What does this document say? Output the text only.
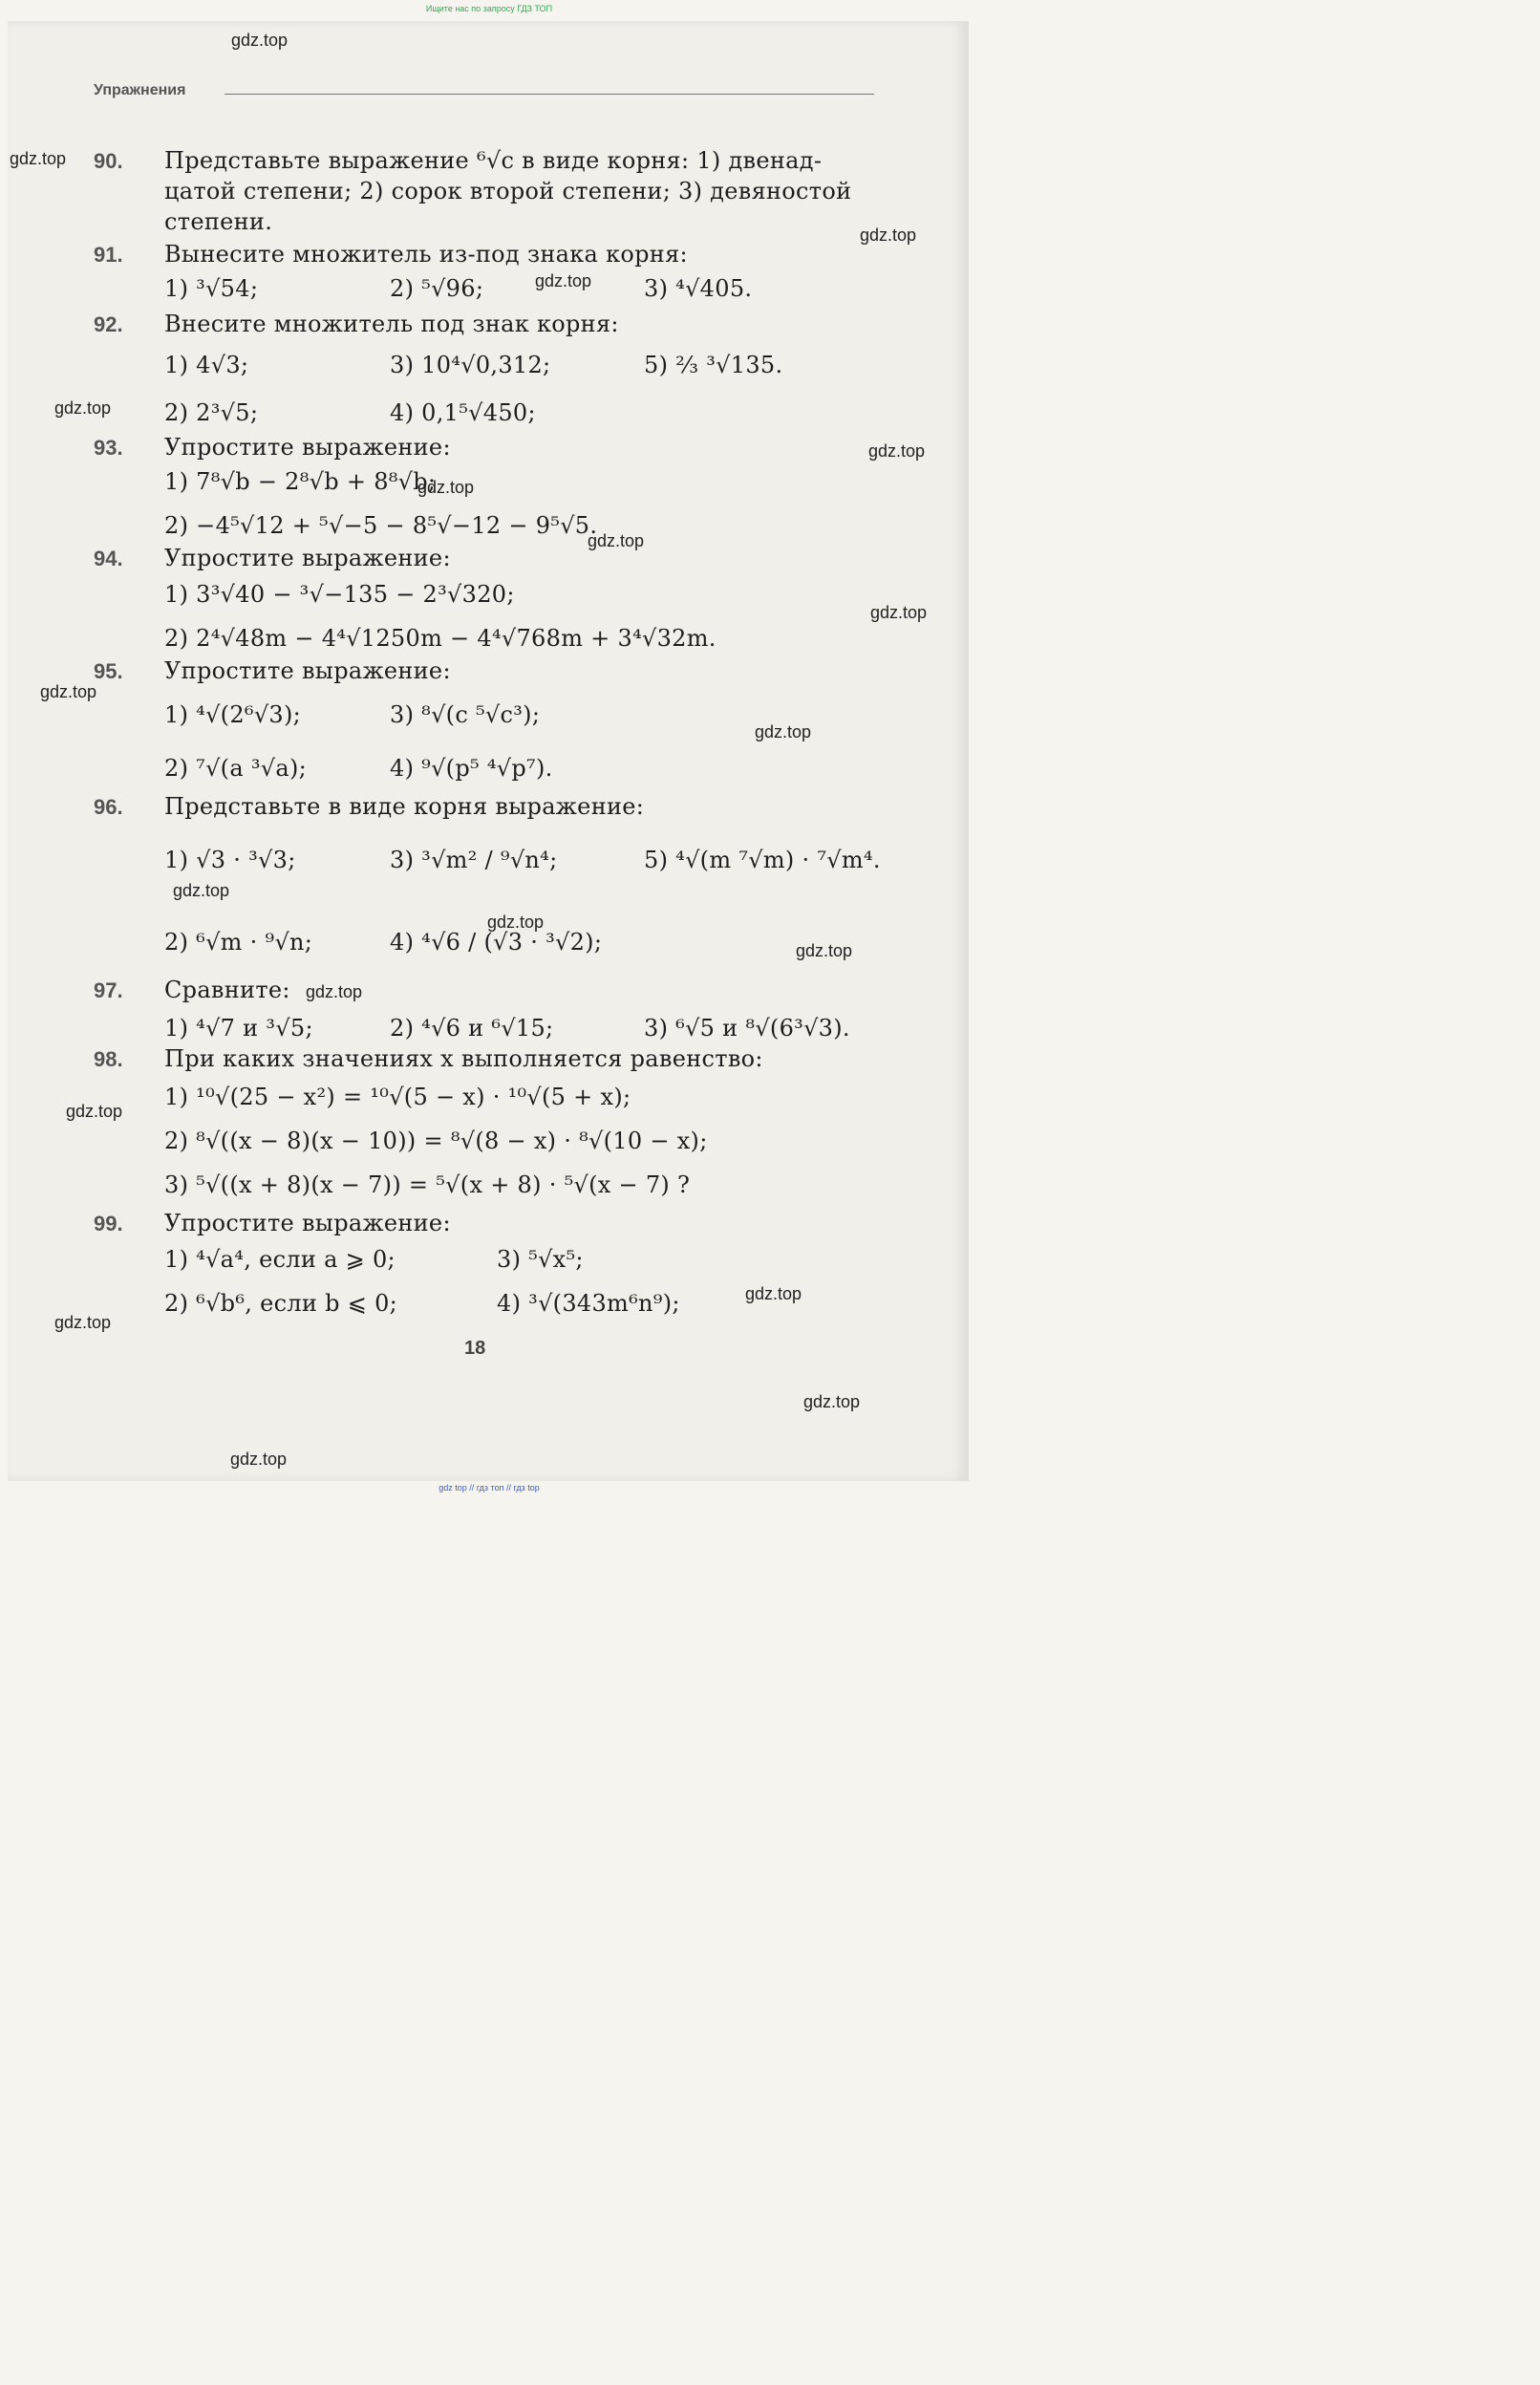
Ищите нас по запросу ГДЗ ТОП
Упражнения
gdz.top
gdz.top
gdz.top
gdz.top
gdz.top
gdz.top
gdz.top
gdz.top
gdz.top
gdz.top
gdz.top
gdz.top
gdz.top
gdz.top
gdz.top
gdz.top
gdz.top
gdz.top
gdz.top
gdz.top
90. Представьте выражение ⁶√c в виде корня: 1) двенад-
цатой степени; 2) сорок второй степени; 3) девяностой
степени.
91. Вынесите множитель из-под знака корня:
1) ³√54;	2) ⁵√96;	3) ⁴√405.
92. Внесите множитель под знак корня:
1) 4√3;	3) 10⁴√0,312;	5) ²⁄₃ ³√135.
2) 2³√5;	4) 0,1⁵√450;
93. Упростите выражение:
1) 7⁸√b − 2⁸√b + 8⁸√b;
2) −4⁵√12 + ⁵√−5 − 8⁵√−12 − 9⁵√5.
94. Упростите выражение:
1) 3³√40 − ³√−135 − 2³√320;
2) 2⁴√48m − 4⁴√1250m − 4⁴√768m + 3⁴√32m.
95. Упростите выражение:
1) ⁴√(2⁶√3);	3) ⁸√(c ⁵√c³);
2) ⁷√(a ³√a);	4) ⁹√(p⁵ ⁴√p⁷).
96. Представьте в виде корня выражение:
1) √3 · ³√3;	3) ³√m² / ⁹√n⁴;	5) ⁴√(m ⁷√m) · ⁷√m⁴.
2) ⁶√m · ⁹√n;	4) ⁴√6 / (√3 · ³√2);
97. Сравните:
1) ⁴√7 и ³√5;	2) ⁴√6 и ⁶√15;	3) ⁶√5 и ⁸√(6³√3).
98. При каких значениях x выполняется равенство:
1) ¹⁰√(25 − x²) = ¹⁰√(5 − x) · ¹⁰√(5 + x);
2) ⁸√((x − 8)(x − 10)) = ⁸√(8 − x) · ⁸√(10 − x);
3) ⁵√((x + 8)(x − 7)) = ⁵√(x + 8) · ⁵√(x − 7) ?
99. Упростите выражение:
1) ⁴√a⁴, если a ⩾ 0;	3) ⁵√x⁵;
2) ⁶√b⁶, если b ⩽ 0;	4) ³√(343m⁶n⁹);
18
gdz top // гдз топ // гдз top
